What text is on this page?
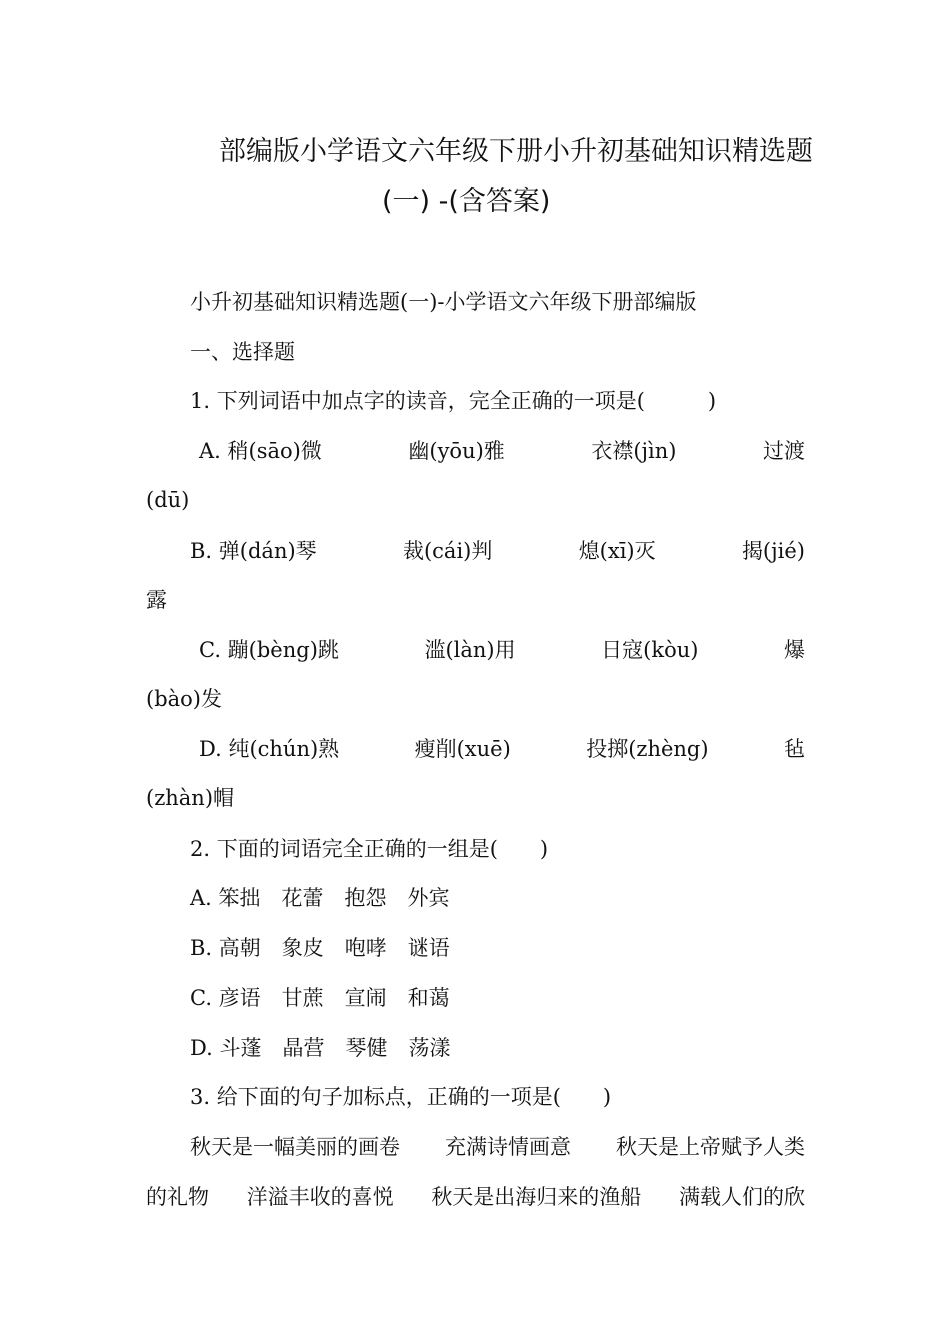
部编版小学语文六年级下册小升初基础知识精选题
(一) -(含答案)
小升初基础知识精选题(一)-小学语文六年级下册部编版
一、选择题
1. 下列词语中加点字的读音，完全正确的一项是(　　　)
A. 稍(sāo)微	幽(yōu)雅	衣襟(jìn)	过渡
(dū)
B. 弹(dán)琴	裁(cái)判	熄(xī)灭	揭(jié)
露
C. 蹦(bèng)跳	滥(làn)用	日寇(kòu)	爆
(bào)发
D. 纯(chún)熟	瘦削(xuē)	投掷(zhèng)	毡
(zhàn)帽
2. 下面的词语完全正确的一组是(　　)
A. 笨拙　花蕾　抱怨　外宾
B. 高朝　象皮　咆哮　谜语
C. 彦语　甘蔗　宣闹　和蔼
D. 斗蓬　晶营　琴健　荡漾
3. 给下面的句子加标点，正确的一项是(　　)
秋天是一幅美丽的画卷 充满诗情画意 秋天是上帝赋予人类
的礼物 洋溢丰收的喜悦 秋天是出海归来的渔船 满载人们的欣
